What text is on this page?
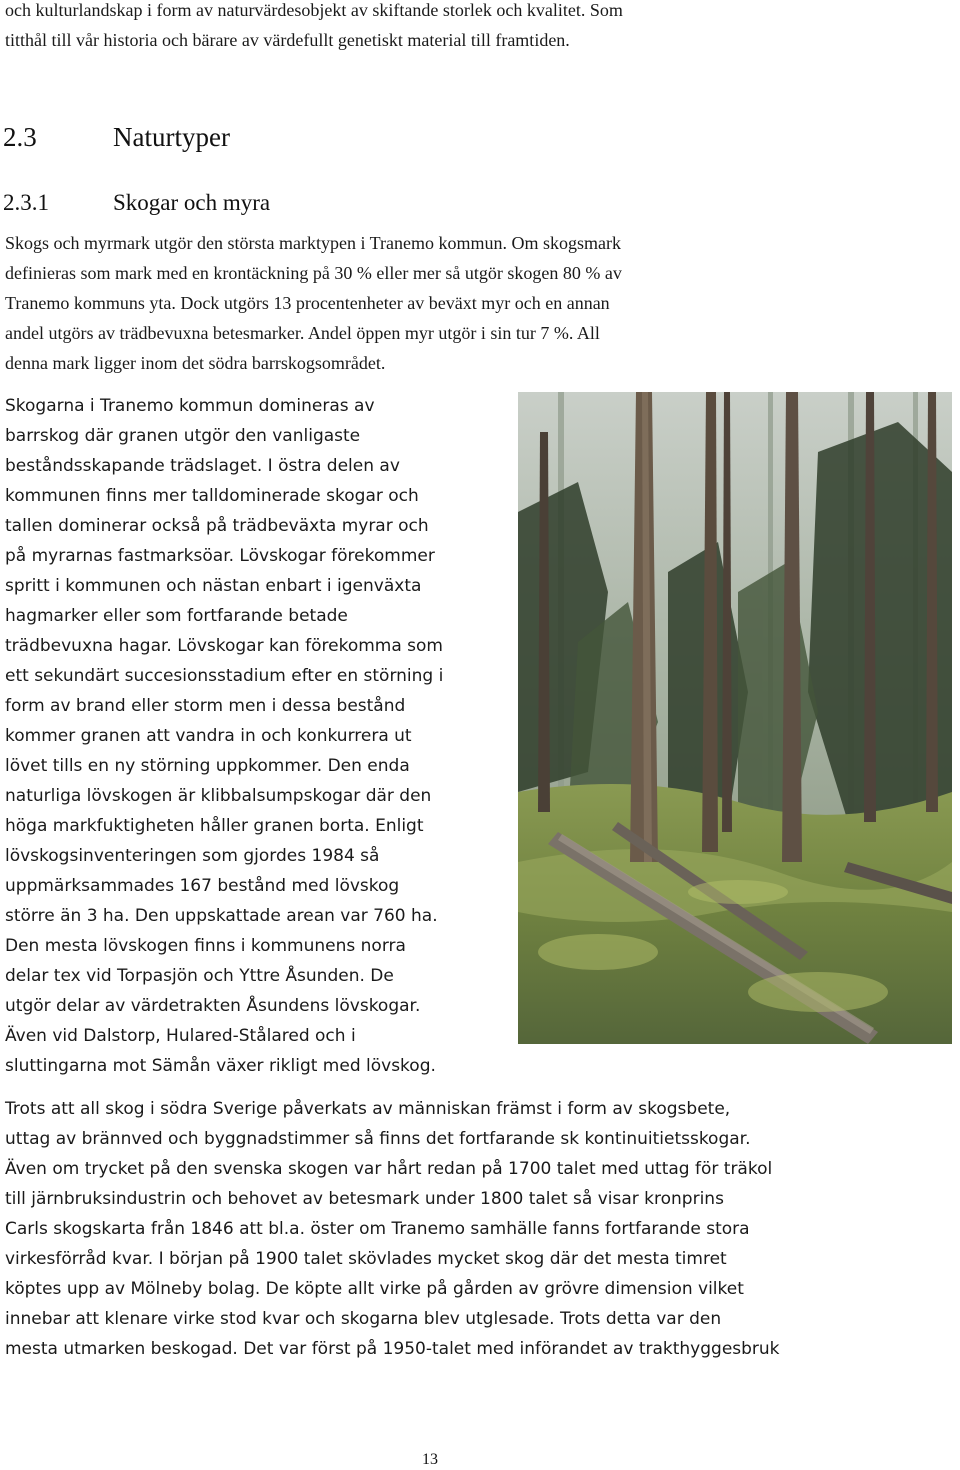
och kulturlandskap i form av naturvärdesobjekt av skiftande storlek och kvalitet. Som
titthål till vår historia och bärare av värdefullt genetiskt material till framtiden.
2.3	Naturtyper
2.3.1	Skogar och myra
Skogs och myrmark utgör den största marktypen i Tranemo kommun. Om skogsmark
definieras som mark med en krontäckning på 30 % eller mer så utgör skogen 80 % av
Tranemo kommuns yta. Dock utgörs 13 procentenheter av beväxt myr och en annan
andel utgörs av trädbevuxna betesmarker. Andel öppen myr utgör i sin tur 7 %. All
denna mark ligger inom det södra barrskogsområdet.
Skogarna i Tranemo kommun domineras av
barrskog där granen utgör den vanligaste
beståndsskapande trädslaget. I östra delen av
kommunen finns mer talldominerade skogar och
tallen dominerar också på trädbeväxta myrar och
på myrarnas fastmarksöar. Lövskogar förekommer
spritt i kommunen och nästan enbart i igenväxta
hagmarker eller som fortfarande betade
trädbevuxna hagar. Lövskogar kan förekomma som
ett sekundärt succesionsstadium efter en störning i
form av brand eller storm men i dessa bestånd
kommer granen att vandra in och konkurrera ut
lövet tills en ny störning uppkommer. Den enda
naturliga lövskogen är klibbalsumpskogar där den
höga markfuktigheten håller granen borta. Enligt
lövskogsinventeringen som gjordes 1984 så
uppmärksammades 167 bestånd med lövskog
större än 3 ha. Den uppskattade arean var 760 ha.
Den mesta lövskogen finns i kommunens norra
delar tex vid Torpasjön och Yttre Åsunden. De
utgör delar av värdetrakten Åsundens lövskogar.
Även vid Dalstorp, Hulared-Stålared och i
sluttingarna mot Sämån växer rikligt med lövskog.
Trots att all skog i södra Sverige påverkats av människan främst i form av skogsbete,
uttag av brännved och byggnadstimmer så finns det fortfarande sk kontinuitietsskogar.
Även om trycket på den svenska skogen var hårt redan på 1700 talet med uttag för träkol
till järnbruksindustrin och behovet av betesmark under 1800 talet så visar kronprins
Carls skogskarta från 1846 att bl.a. öster om Tranemo samhälle fanns fortfarande stora
virkesförråd kvar. I början på 1900 talet skövlades mycket skog där det mesta timret
köptes upp av Mölneby bolag. De köpte allt virke på gården av grövre dimension vilket
innebar att klenare virke stod kvar och skogarna blev utglesade. Trots detta var den
mesta utmarken beskogad. Det var först på 1950-talet med införandet av trakthyggesbruk
13
